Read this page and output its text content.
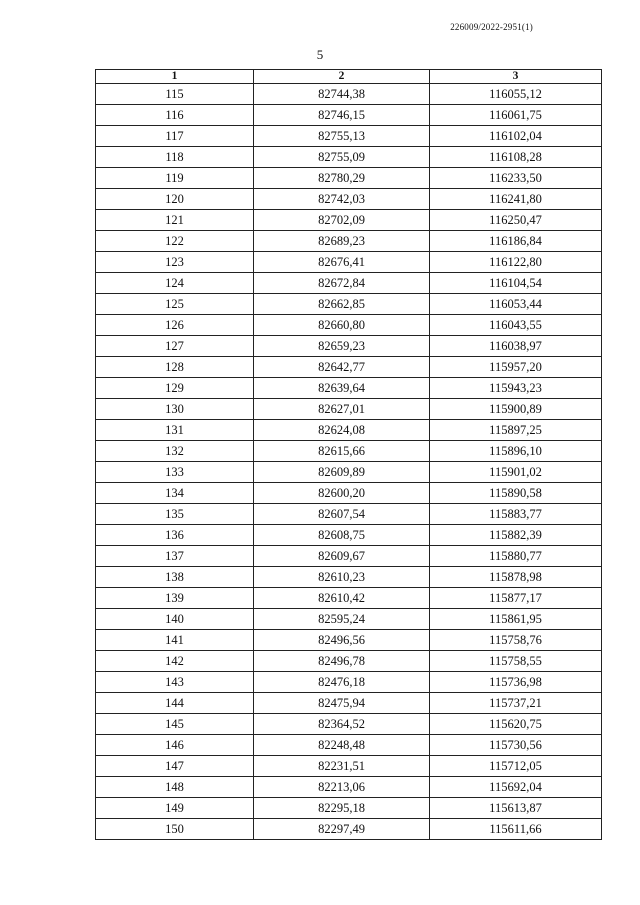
226009/2022-2951(1)
5
1	2	3
115	82744,38	116055,12
116	82746,15	116061,75
117	82755,13	116102,04
118	82755,09	116108,28
119	82780,29	116233,50
120	82742,03	116241,80
121	82702,09	116250,47
122	82689,23	116186,84
123	82676,41	116122,80
124	82672,84	116104,54
125	82662,85	116053,44
126	82660,80	116043,55
127	82659,23	116038,97
128	82642,77	115957,20
129	82639,64	115943,23
130	82627,01	115900,89
131	82624,08	115897,25
132	82615,66	115896,10
133	82609,89	115901,02
134	82600,20	115890,58
135	82607,54	115883,77
136	82608,75	115882,39
137	82609,67	115880,77
138	82610,23	115878,98
139	82610,42	115877,17
140	82595,24	115861,95
141	82496,56	115758,76
142	82496,78	115758,55
143	82476,18	115736,98
144	82475,94	115737,21
145	82364,52	115620,75
146	82248,48	115730,56
147	82231,51	115712,05
148	82213,06	115692,04
149	82295,18	115613,87
150	82297,49	115611,66
